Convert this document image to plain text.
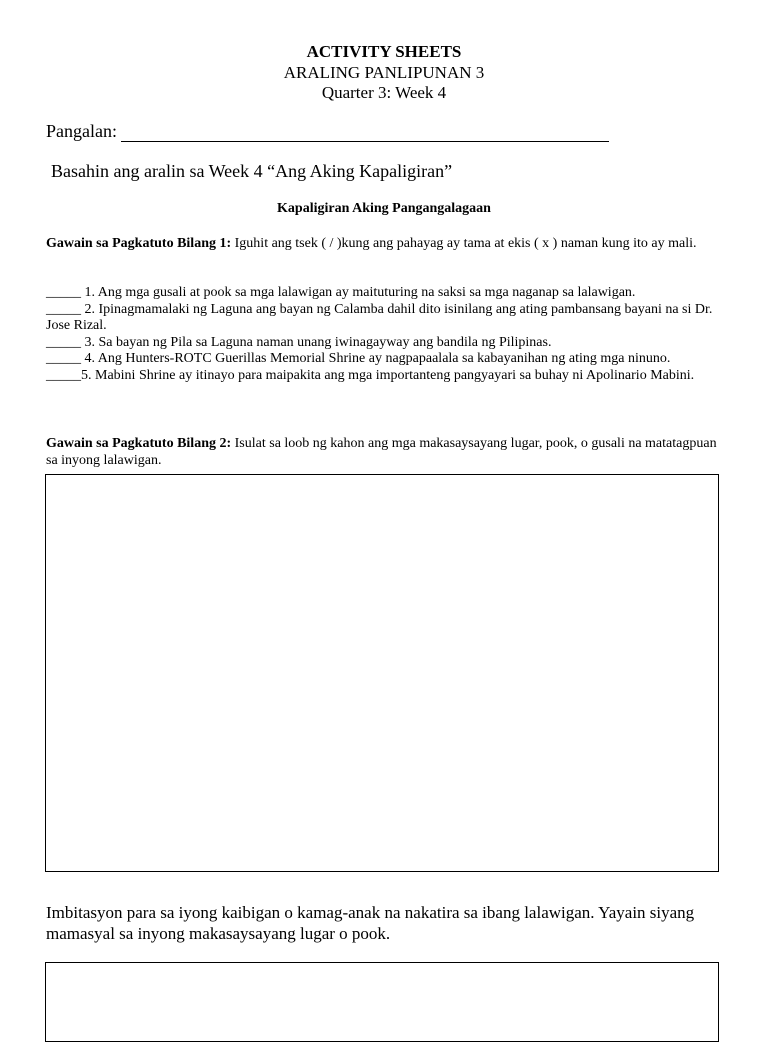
ACTIVITY SHEETS
ARALING PANLIPUNAN 3
Quarter 3: Week 4
Pangalan:
Basahin ang aralin sa Week 4 “Ang Aking Kapaligiran”
Kapaligiran Aking Pangangalagaan
Gawain sa Pagkatuto Bilang 1: Iguhit ang tsek ( / )kung ang pahayag ay tama at ekis ( x ) naman kung ito ay mali.

_____ 1. Ang mga gusali at pook sa mga lalawigan ay maituturing na saksi sa mga naganap sa lalawigan.

_____ 2. Ipinagmamalaki ng Laguna ang bayan ng Calamba dahil dito isinilang ang ating pambansang bayani na si Dr. Jose Rizal.

_____ 3. Sa bayan ng Pila sa Laguna naman unang iwinagayway ang bandila ng Pilipinas.

_____ 4. Ang Hunters-ROTC Guerillas Memorial Shrine ay nagpapaalala sa kabayanihan ng ating mga ninuno.

_____5. Mabini Shrine ay itinayo para maipakita ang mga importanteng pangyayari sa buhay ni Apolinario Mabini.

Gawain sa Pagkatuto Bilang 2: Isulat sa loob ng kahon ang mga makasaysayang lugar, pook, o gusali na matatagpuan sa inyong lalawigan.
Imbitasyon para sa iyong kaibigan o kamag-anak na nakatira sa ibang lalawigan. Yayain siyang mamasyal sa inyong makasaysayang lugar o pook.
